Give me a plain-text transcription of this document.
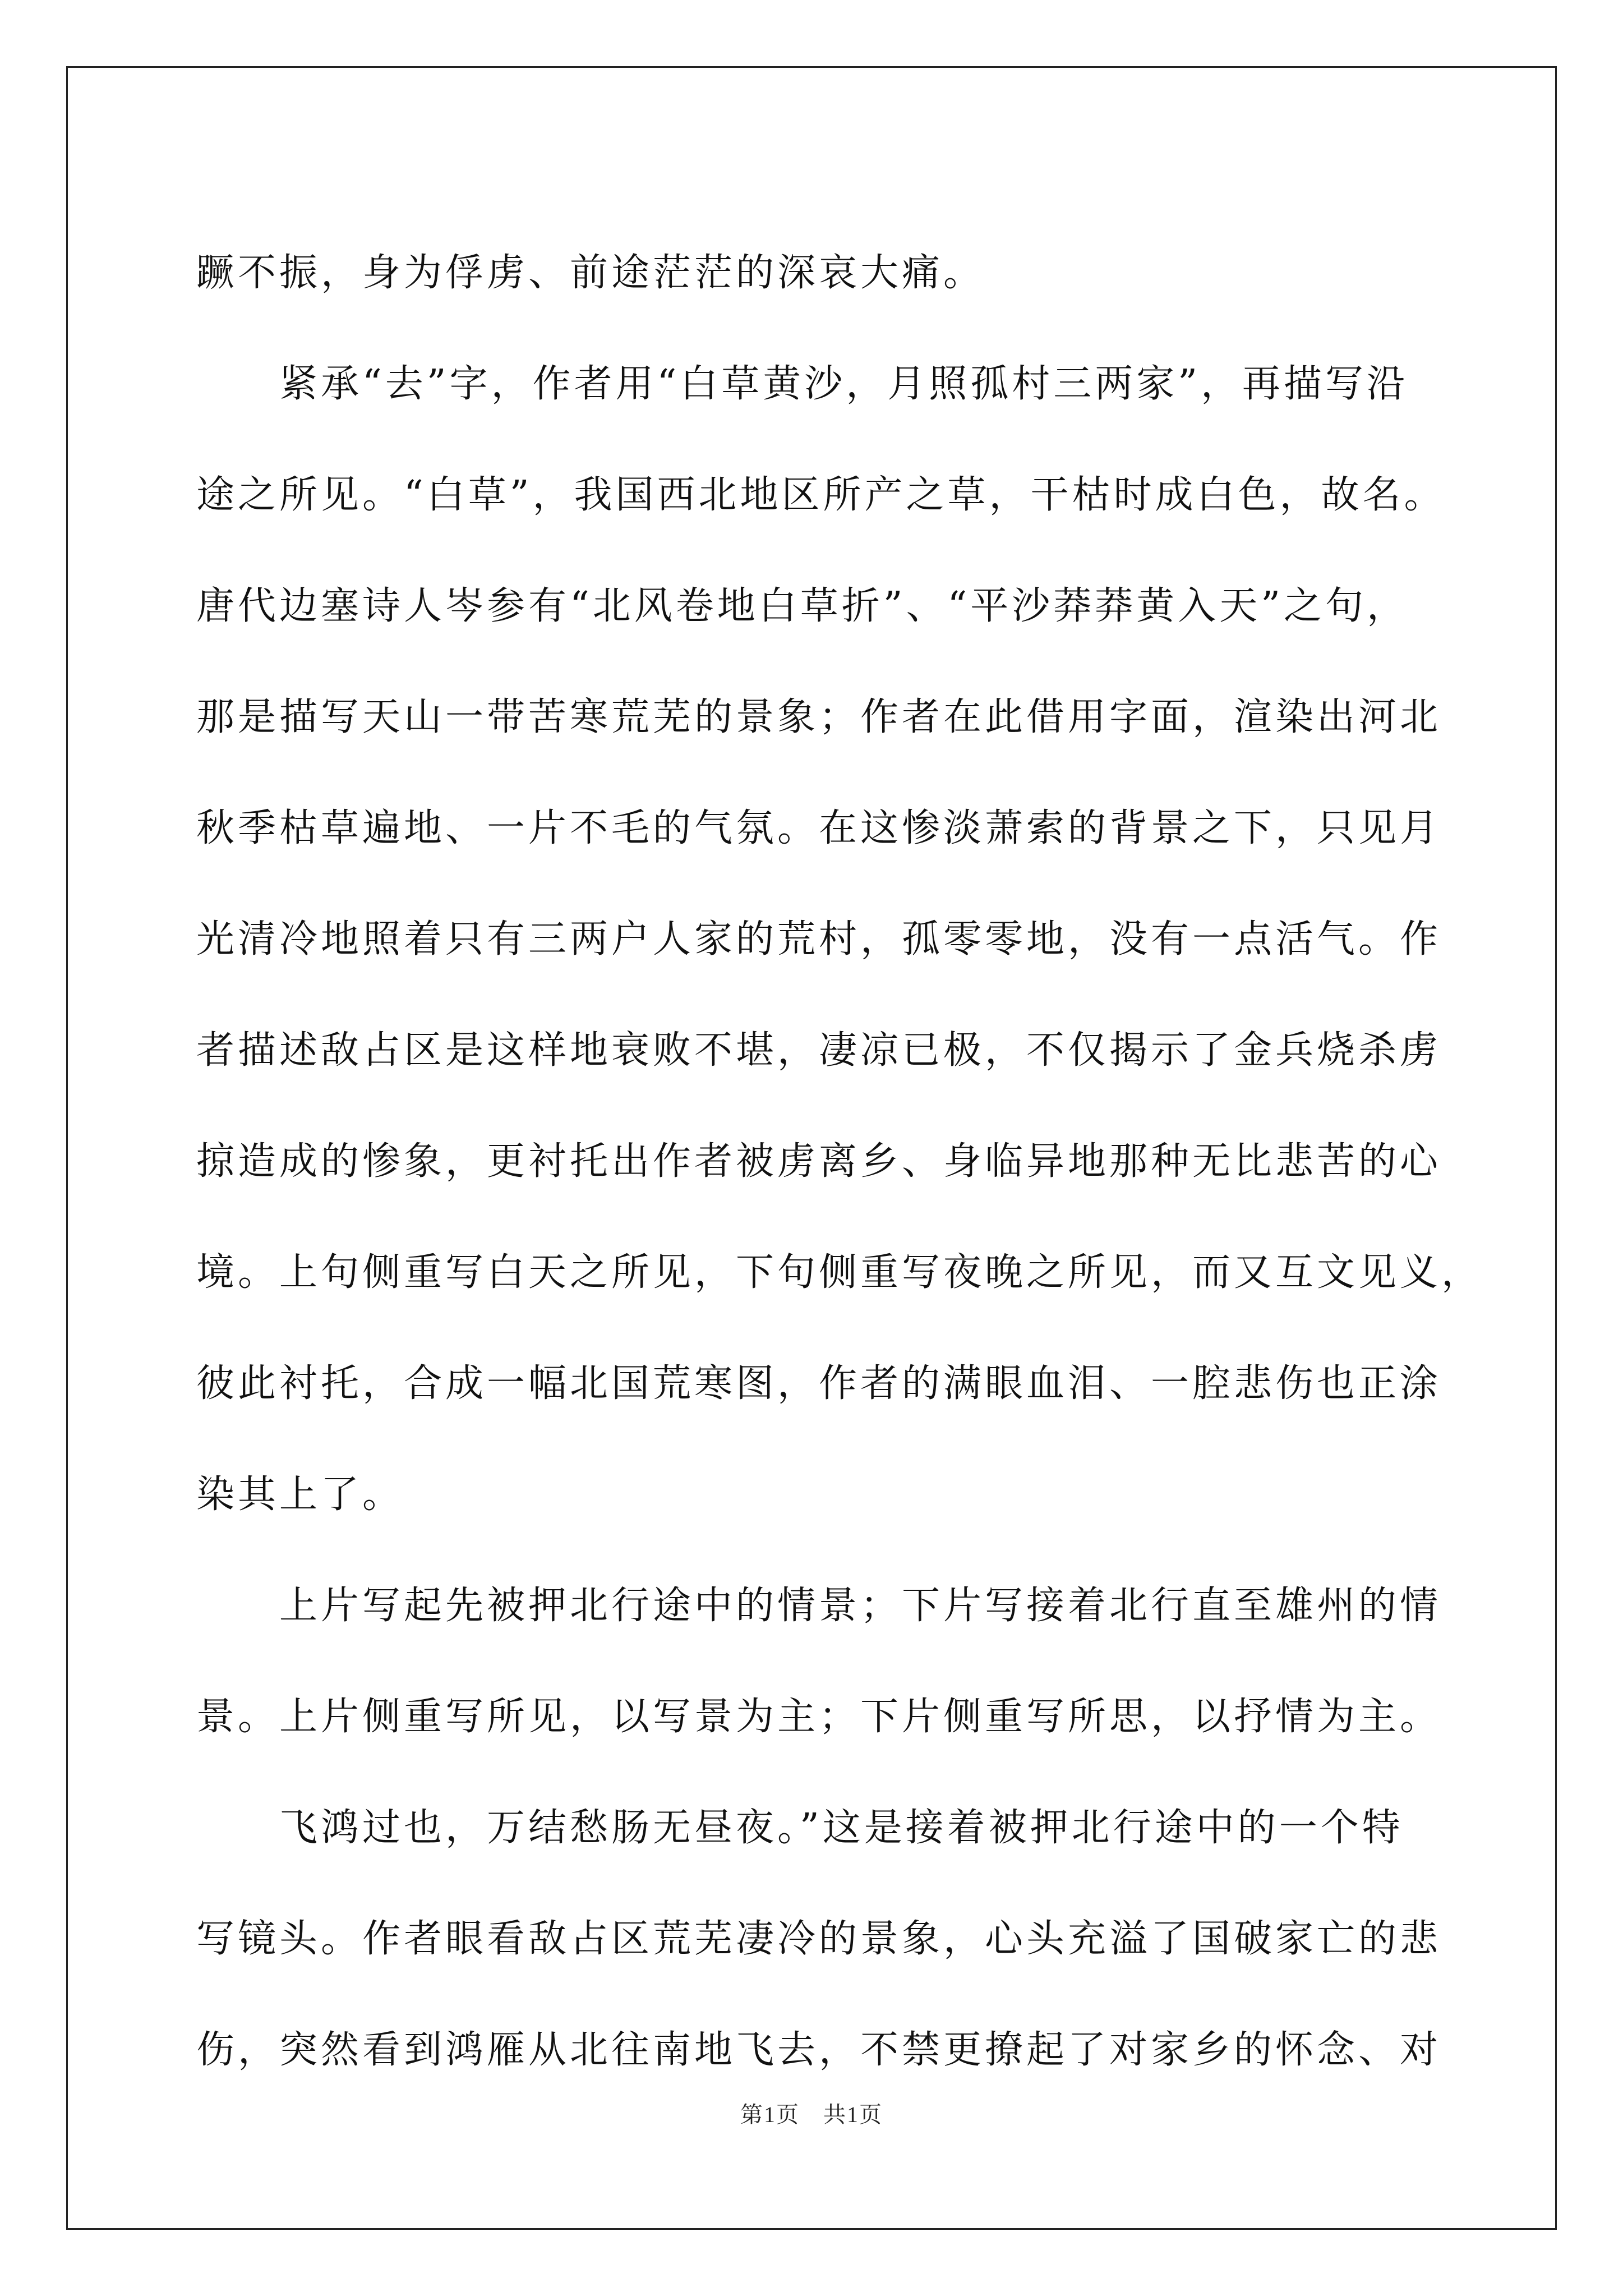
蹶不振，身为俘虏、前途茫茫的深哀大痛。
　　紧承“去”字，作者用“白草黄沙，月照孤村三两家”，再描写沿
途之所见。“白草”，我国西北地区所产之草，干枯时成白色，故名。
唐代边塞诗人岑参有“北风卷地白草折”、“平沙莽莽黄入天”之句，
那是描写天山一带苦寒荒芜的景象；作者在此借用字面，渲染出河北
秋季枯草遍地、一片不毛的气氛。在这惨淡萧索的背景之下，只见月
光清冷地照着只有三两户人家的荒村，孤零零地，没有一点活气。作
者描述敌占区是这样地衰败不堪，凄凉已极，不仅揭示了金兵烧杀虏
掠造成的惨象，更衬托出作者被虏离乡、身临异地那种无比悲苦的心
境。上句侧重写白天之所见，下句侧重写夜晚之所见，而又互文见义，
彼此衬托，合成一幅北国荒寒图，作者的满眼血泪、一腔悲伤也正涂
染其上了。
　　上片写起先被押北行途中的情景；下片写接着北行直至雄州的情
景。上片侧重写所见，以写景为主；下片侧重写所思，以抒情为主。
　　飞鸿过也，万结愁肠无昼夜。”这是接着被押北行途中的一个特
写镜头。作者眼看敌占区荒芜凄冷的景象，心头充溢了国破家亡的悲
伤，突然看到鸿雁从北往南地飞去，不禁更撩起了对家乡的怀念、对
第1页　共1页
